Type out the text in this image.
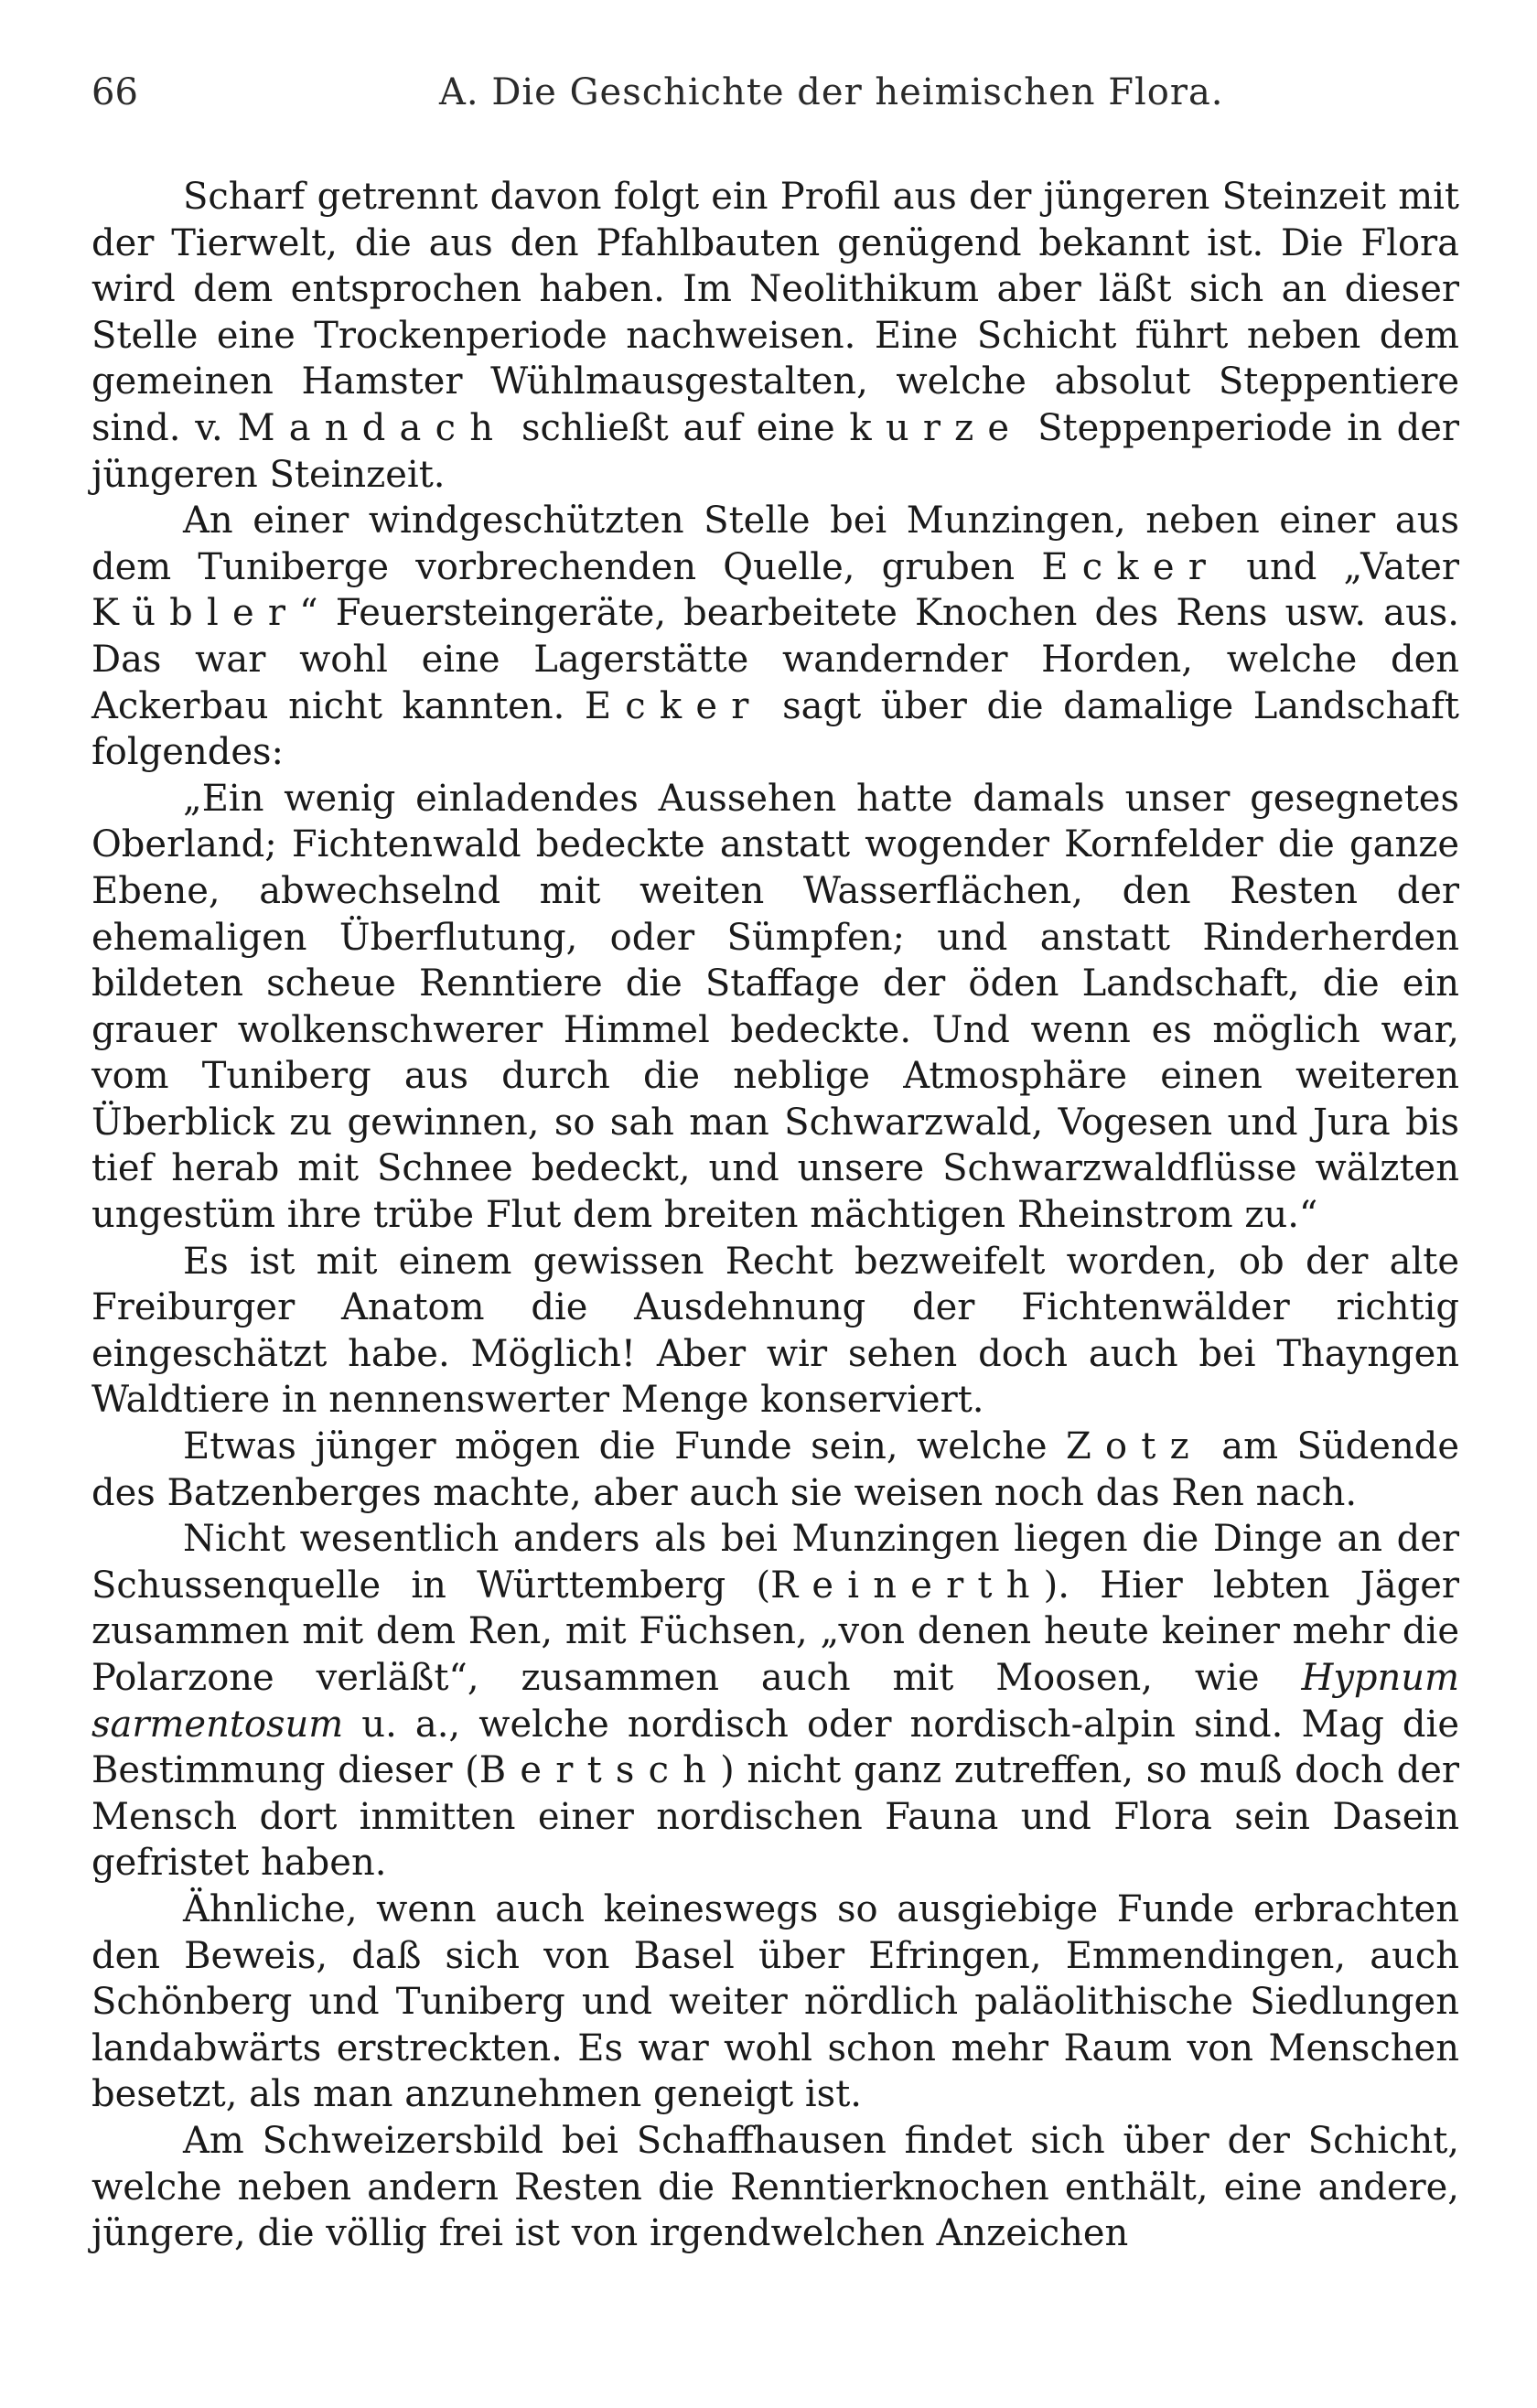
66	A. Die Geschichte der heimischen Flora.

Scharf getrennt davon folgt ein Profil aus der jüngeren Steinzeit mit der Tierwelt, die aus den Pfahlbauten genügend bekannt ist. Die Flora wird dem entsprochen haben. Im Neolithikum aber läßt sich an dieser Stelle eine Trockenperiode nachweisen. Eine Schicht führt neben dem gemeinen Hamster Wühlmausgestalten, welche absolut Steppentiere sind. v. Mandach schließt auf eine kurze Steppenperiode in der jüngeren Steinzeit.

An einer windgeschützten Stelle bei Munzingen, neben einer aus dem Tuniberge vorbrechenden Quelle, gruben Ecker und „Vater Kübler“ Feuersteingeräte, bearbeitete Knochen des Rens usw. aus. Das war wohl eine Lagerstätte wandernder Horden, welche den Ackerbau nicht kannten. Ecker sagt über die damalige Landschaft folgendes:

„Ein wenig einladendes Aussehen hatte damals unser gesegnetes Oberland; Fichtenwald bedeckte anstatt wogender Kornfelder die ganze Ebene, abwechselnd mit weiten Wasserflächen, den Resten der ehemaligen Überflutung, oder Sümpfen; und anstatt Rinderherden bildeten scheue Renntiere die Staffage der öden Landschaft, die ein grauer wolkenschwerer Himmel bedeckte. Und wenn es möglich war, vom Tuniberg aus durch die neblige Atmosphäre einen weiteren Überblick zu gewinnen, so sah man Schwarzwald, Vogesen und Jura bis tief herab mit Schnee bedeckt, und unsere Schwarzwaldflüsse wälzten ungestüm ihre trübe Flut dem breiten mächtigen Rheinstrom zu.“

Es ist mit einem gewissen Recht bezweifelt worden, ob der alte Freiburger Anatom die Ausdehnung der Fichtenwälder richtig eingeschätzt habe. Möglich! Aber wir sehen doch auch bei Thayngen Waldtiere in nennenswerter Menge konserviert.

Etwas jünger mögen die Funde sein, welche Zotz am Südende des Batzenberges machte, aber auch sie weisen noch das Ren nach.

Nicht wesentlich anders als bei Munzingen liegen die Dinge an der Schussenquelle in Württemberg (Reinerth). Hier lebten Jäger zusammen mit dem Ren, mit Füchsen, „von denen heute keiner mehr die Polarzone verläßt“, zusammen auch mit Moosen, wie Hypnum sarmentosum u. a., welche nordisch oder nordisch-alpin sind. Mag die Bestimmung dieser (Bertsch) nicht ganz zutreffen, so muß doch der Mensch dort inmitten einer nordischen Fauna und Flora sein Dasein gefristet haben.

Ähnliche, wenn auch keineswegs so ausgiebige Funde erbrachten den Beweis, daß sich von Basel über Efringen, Emmendingen, auch Schönberg und Tuniberg und weiter nördlich paläolithische Siedlungen landabwärts erstreckten. Es war wohl schon mehr Raum von Menschen besetzt, als man anzunehmen geneigt ist.

Am Schweizersbild bei Schaffhausen findet sich über der Schicht, welche neben andern Resten die Renntierknochen enthält, eine andere, jüngere, die völlig frei ist von irgendwelchen Anzeichen
